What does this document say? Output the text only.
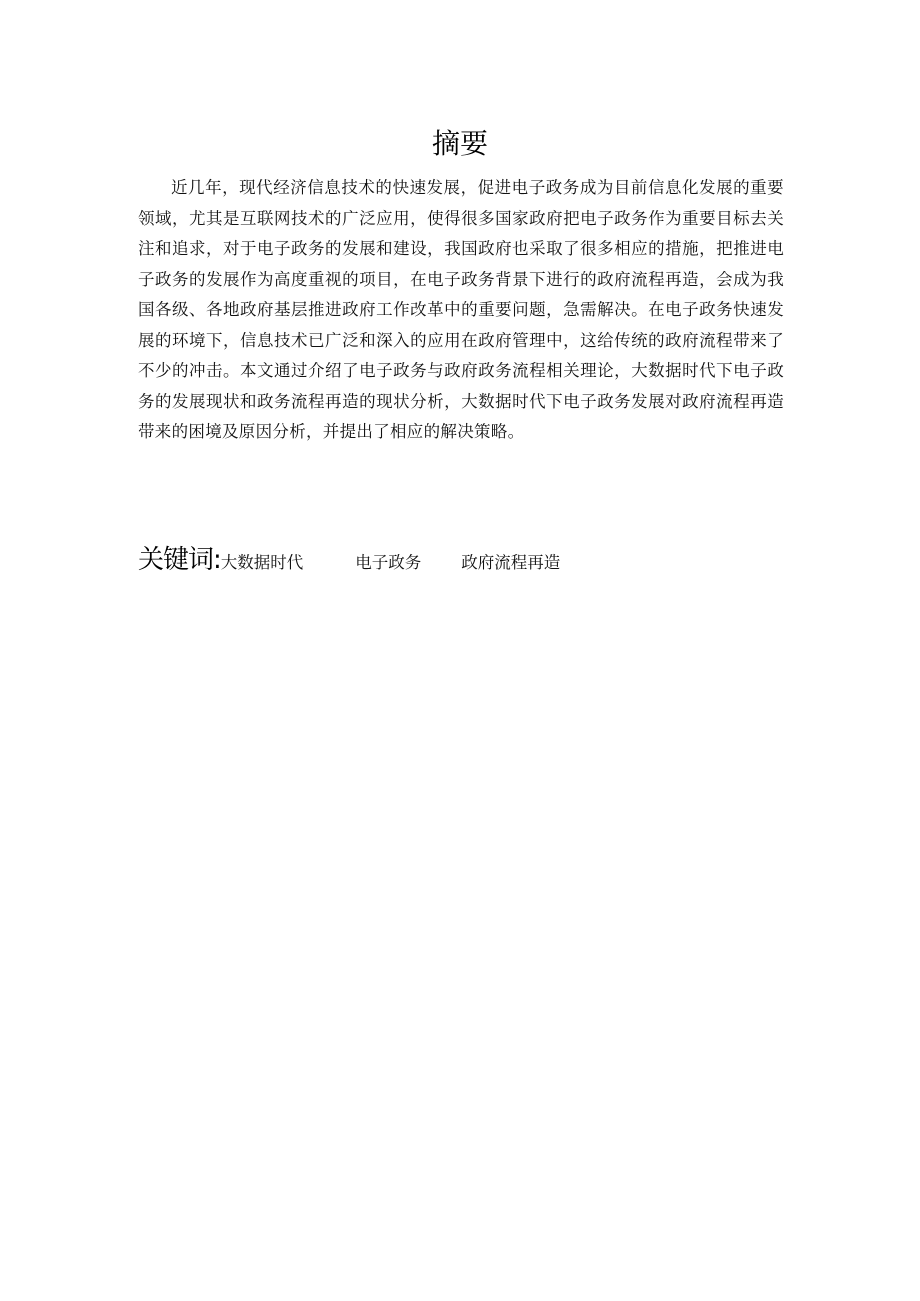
摘要

近几年，现代经济信息技术的快速发展，促进电子政务成为目前信息化发展的重要领域，尤其是互联网技术的广泛应用，使得很多国家政府把电子政务作为重要目标去关注和追求，对于电子政务的发展和建设，我国政府也采取了很多相应的措施，把推进电子政务的发展作为高度重视的项目，在电子政务背景下进行的政府流程再造，会成为我国各级、各地政府基层推进政府工作改革中的重要问题，急需解决。在电子政务快速发展的环境下，信息技术已广泛和深入的应用在政府管理中，这给传统的政府流程带来了不少的冲击。本文通过介绍了电子政务与政府政务流程相关理论，大数据时代下电子政务的发展现状和政务流程再造的现状分析，大数据时代下电子政务发展对政府流程再造带来的困境及原因分析，并提出了相应的解决策略。

关键词: 大数据时代	电子政务 政府流程再造
